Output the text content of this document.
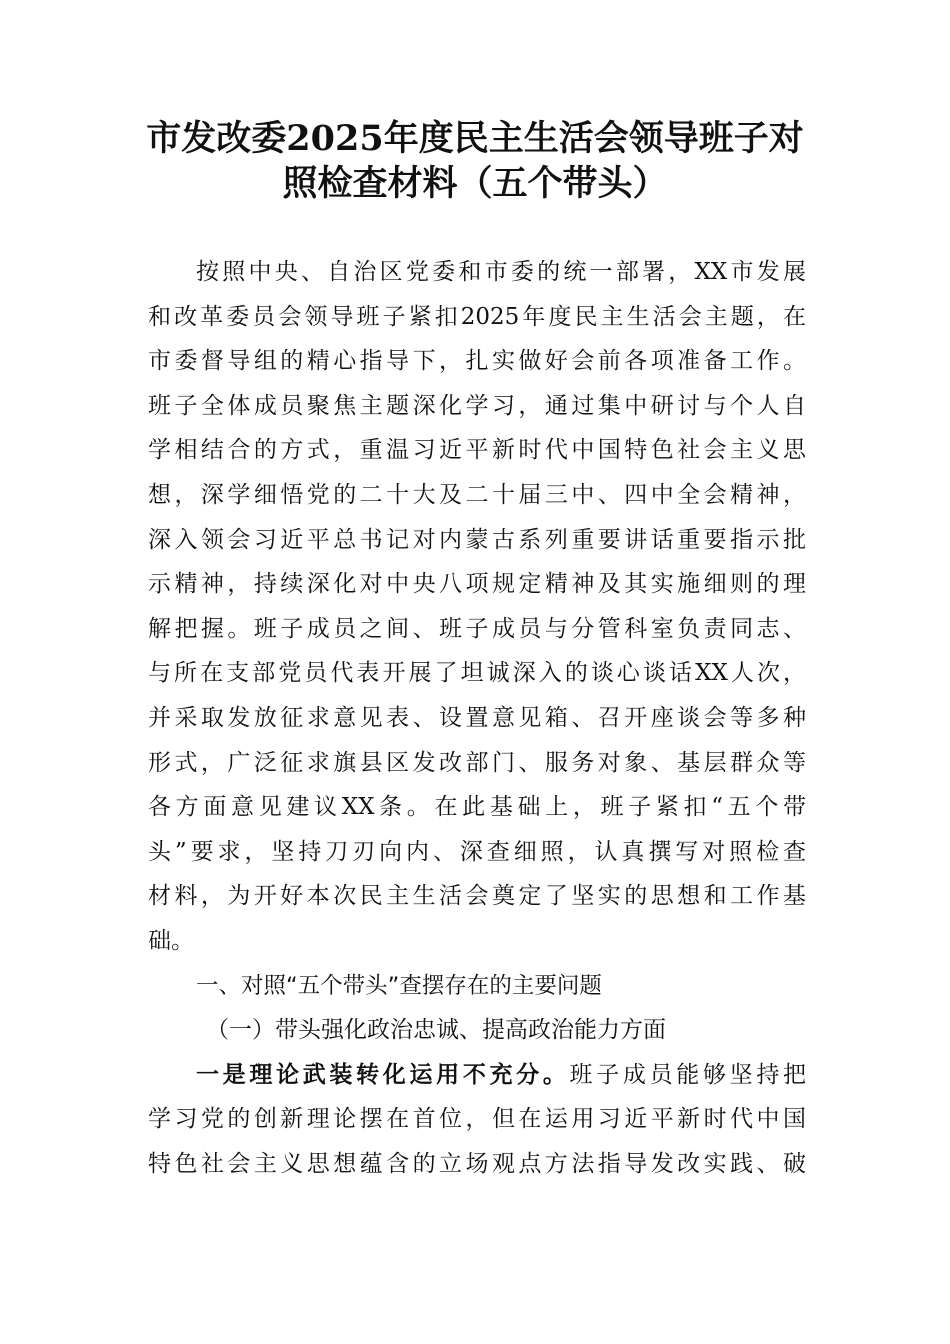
市发改委2025年度民主生活会领导班子对
照检查材料（五个带头）
按照中央、自治区党委和市委的统一部署，XX市发展
和改革委员会领导班子紧扣2025年度民主生活会主题，在
市委督导组的精心指导下，扎实做好会前各项准备工作。
班子全体成员聚焦主题深化学习，通过集中研讨与个人自
学相结合的方式，重温习近平新时代中国特色社会主义思
想，深学细悟党的二十大及二十届三中、四中全会精神，
深入领会习近平总书记对内蒙古系列重要讲话重要指示批
示精神，持续深化对中央八项规定精神及其实施细则的理
解把握。班子成员之间、班子成员与分管科室负责同志、
与所在支部党员代表开展了坦诚深入的谈心谈话XX人次，
并采取发放征求意见表、设置意见箱、召开座谈会等多种
形式，广泛征求旗县区发改部门、服务对象、基层群众等
各方面意见建议XX条。在此基础上，班子紧扣“五个带
头”要求，坚持刀刃向内、深查细照，认真撰写对照检查
材料，为开好本次民主生活会奠定了坚实的思想和工作基
础。
一、对照“五个带头”查摆存在的主要问题
（一）带头强化政治忠诚、提高政治能力方面
一是理论武装转化运用不充分。班子成员能够坚持把
学习党的创新理论摆在首位，但在运用习近平新时代中国
特色社会主义思想蕴含的立场观点方法指导发改实践、破
